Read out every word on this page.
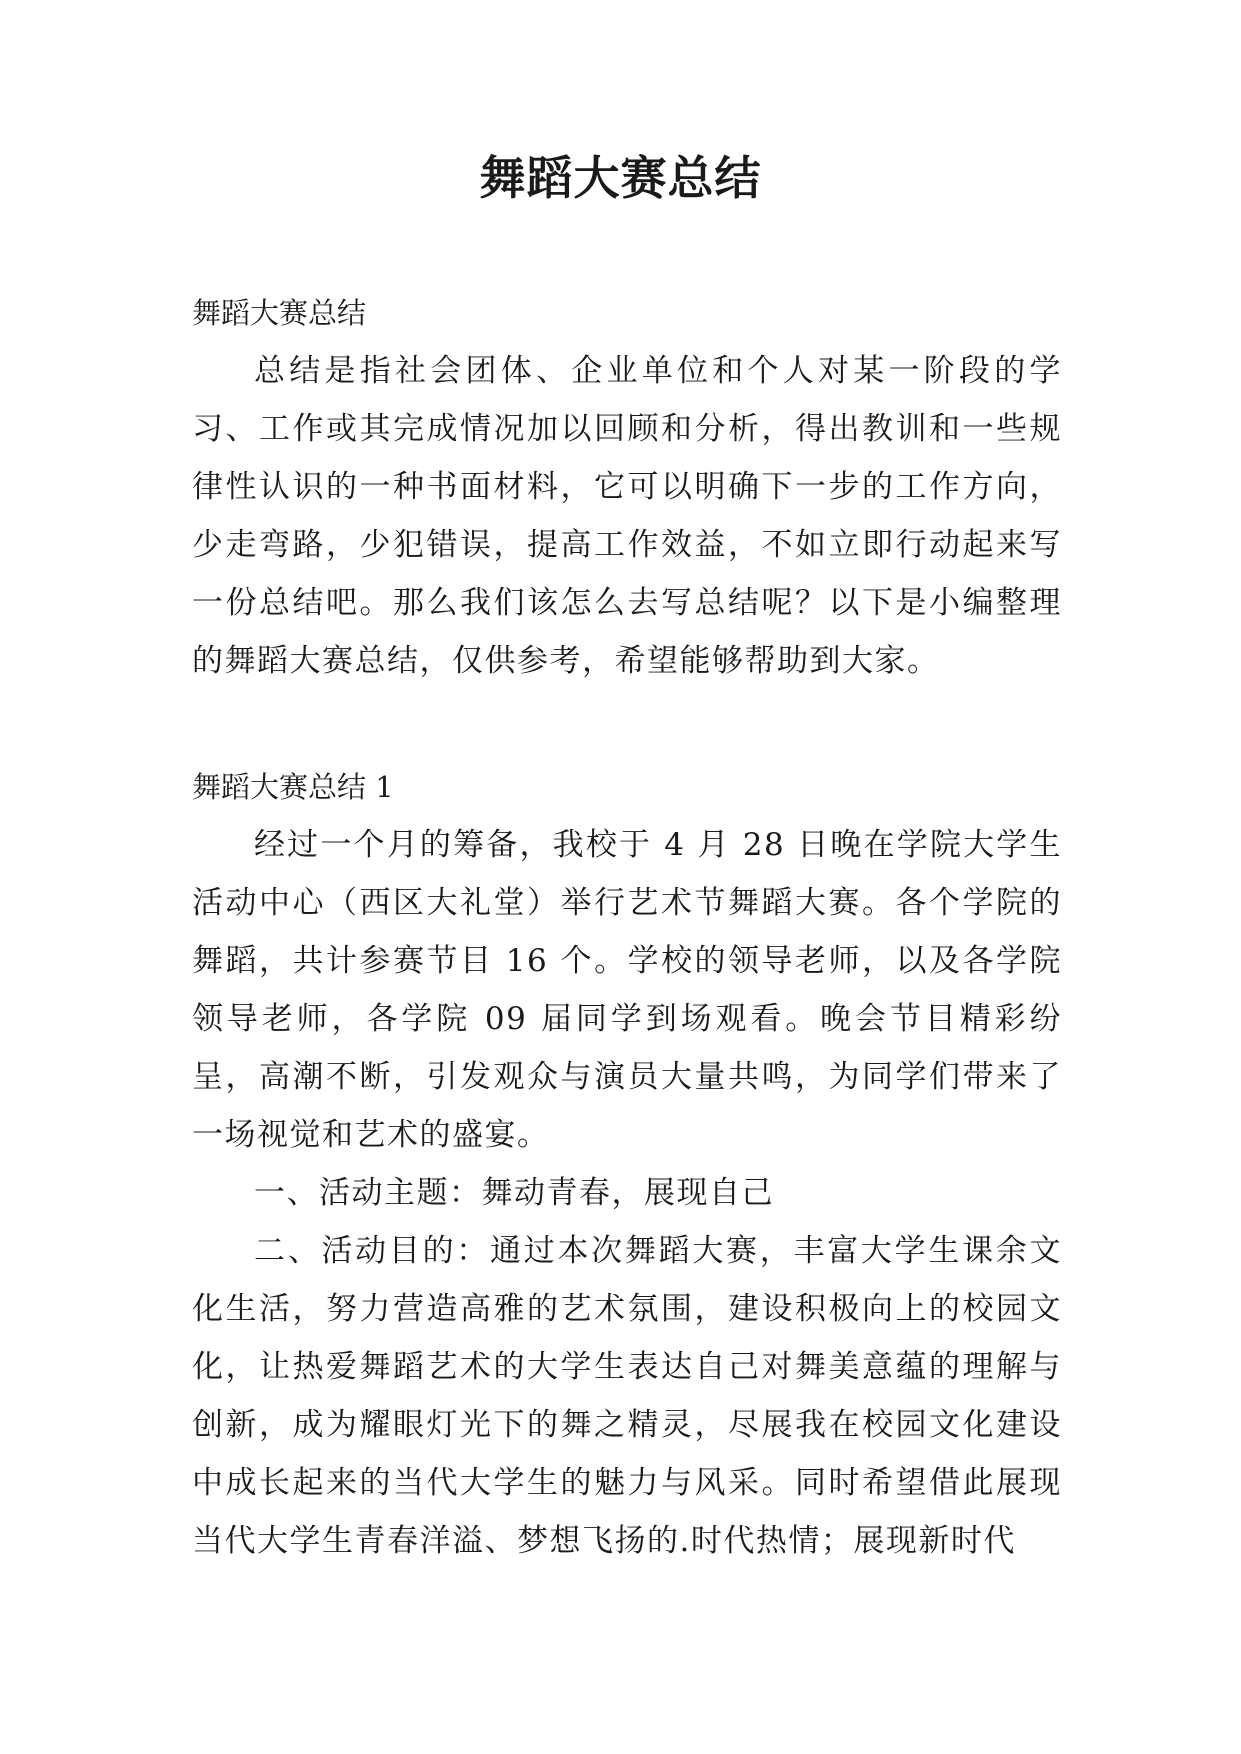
舞蹈大赛总结

舞蹈大赛总结

总结是指社会团体、企业单位和个人对某一阶段的学习、工作或其完成情况加以回顾和分析，得出教训和一些规律性认识的一种书面材料，它可以明确下一步的工作方向，少走弯路，少犯错误，提高工作效益，不如立即行动起来写一份总结吧。那么我们该怎么去写总结呢？以下是小编整理的舞蹈大赛总结，仅供参考，希望能够帮助到大家。

舞蹈大赛总结 1

经过一个月的筹备，我校于 4 月 28 日晚在学院大学生活动中心（西区大礼堂）举行艺术节舞蹈大赛。各个学院的舞蹈，共计参赛节目 16 个。学校的领导老师，以及各学院领导老师，各学院 09 届同学到场观看。晚会节目精彩纷呈，高潮不断，引发观众与演员大量共鸣，为同学们带来了一场视觉和艺术的盛宴。

一、活动主题：舞动青春，展现自己

二、活动目的：通过本次舞蹈大赛，丰富大学生课余文化生活，努力营造高雅的艺术氛围，建设积极向上的校园文化，让热爱舞蹈艺术的大学生表达自己对舞美意蕴的理解与创新，成为耀眼灯光下的舞之精灵，尽展我在校园文化建设中成长起来的当代大学生的魅力与风采。同时希望借此展现当代大学生青春洋溢、梦想飞扬的.时代热情；展现新时代
